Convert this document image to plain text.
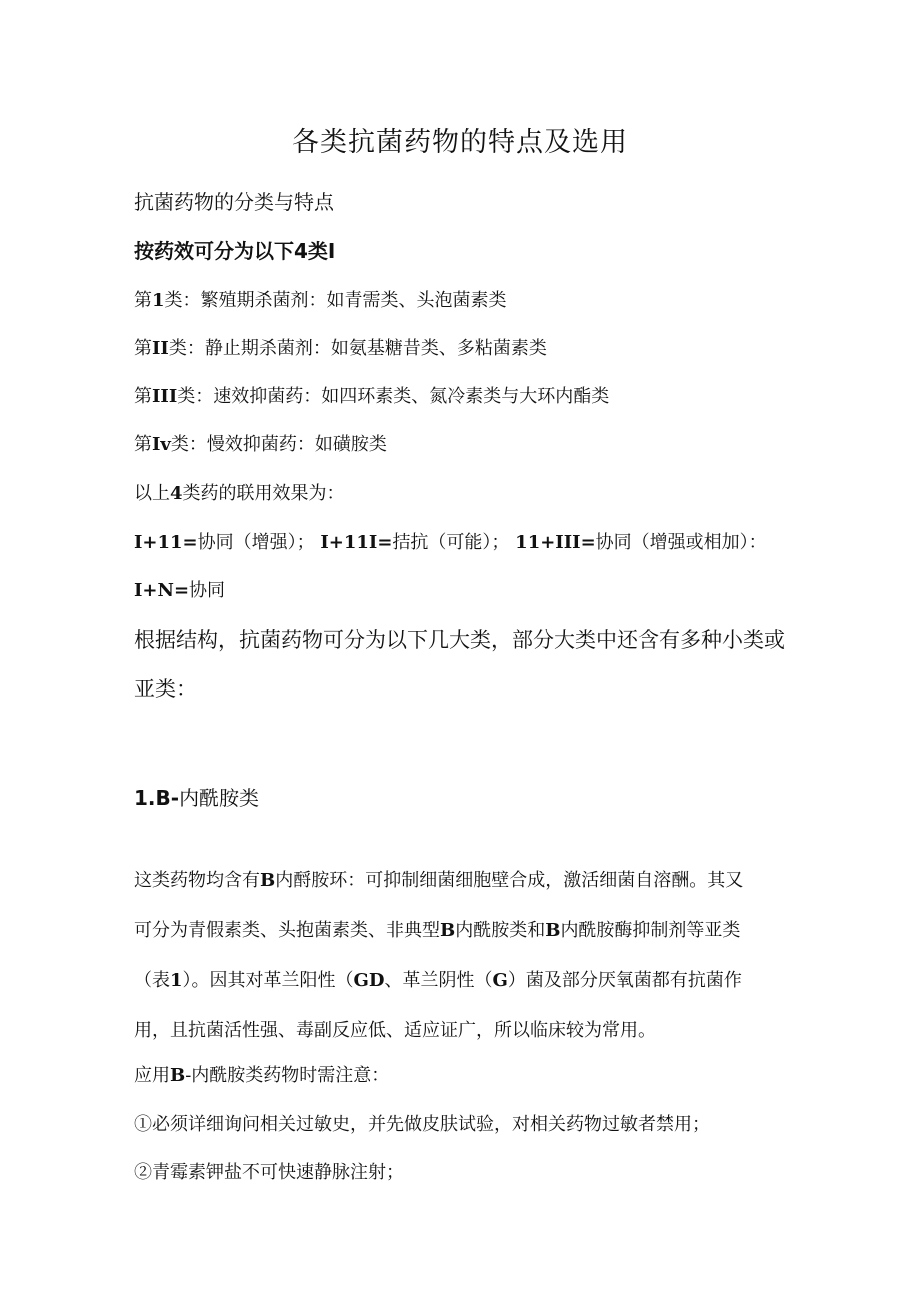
各类抗菌药物的特点及选用
抗菌药物的分类与特点
按药效可分为以下4类I
第1类：繁殖期杀菌剂：如青需类、头泡菌素类
第II类：静止期杀菌剂：如氨基糖昔类、多粘菌素类
第III类：速效抑菌药：如四环素类、氮冷素类与大环内酯类
第Iv类：慢效抑菌药：如磺胺类
以上4类药的联用效果为：
I+11=协同（增强）； I+11I=拮抗（可能）； 11+III=协同（增强或相加）：
I+N=协同
根据结构，抗菌药物可分为以下几大类，部分大类中还含有多种小类或
亚类：
1.B-内酰胺类
这类药物均含有B内酹胺环：可抑制细菌细胞壁合成，激活细菌自溶酬。其又
可分为青假素类、头抱菌素类、非典型B内酰胺类和B内酰胺酶抑制剂等亚类
（表1）。因其对革兰阳性（GD、革兰阴性（G）菌及部分厌氧菌都有抗菌作
用，且抗菌活性强、毒副反应低、适应证广，所以临床较为常用。
应用B-内酰胺类药物时需注意：
①必须详细询问相关过敏史，并先做皮肤试验，对相关药物过敏者禁用；
②青霉素钾盐不可快速静脉注射；
